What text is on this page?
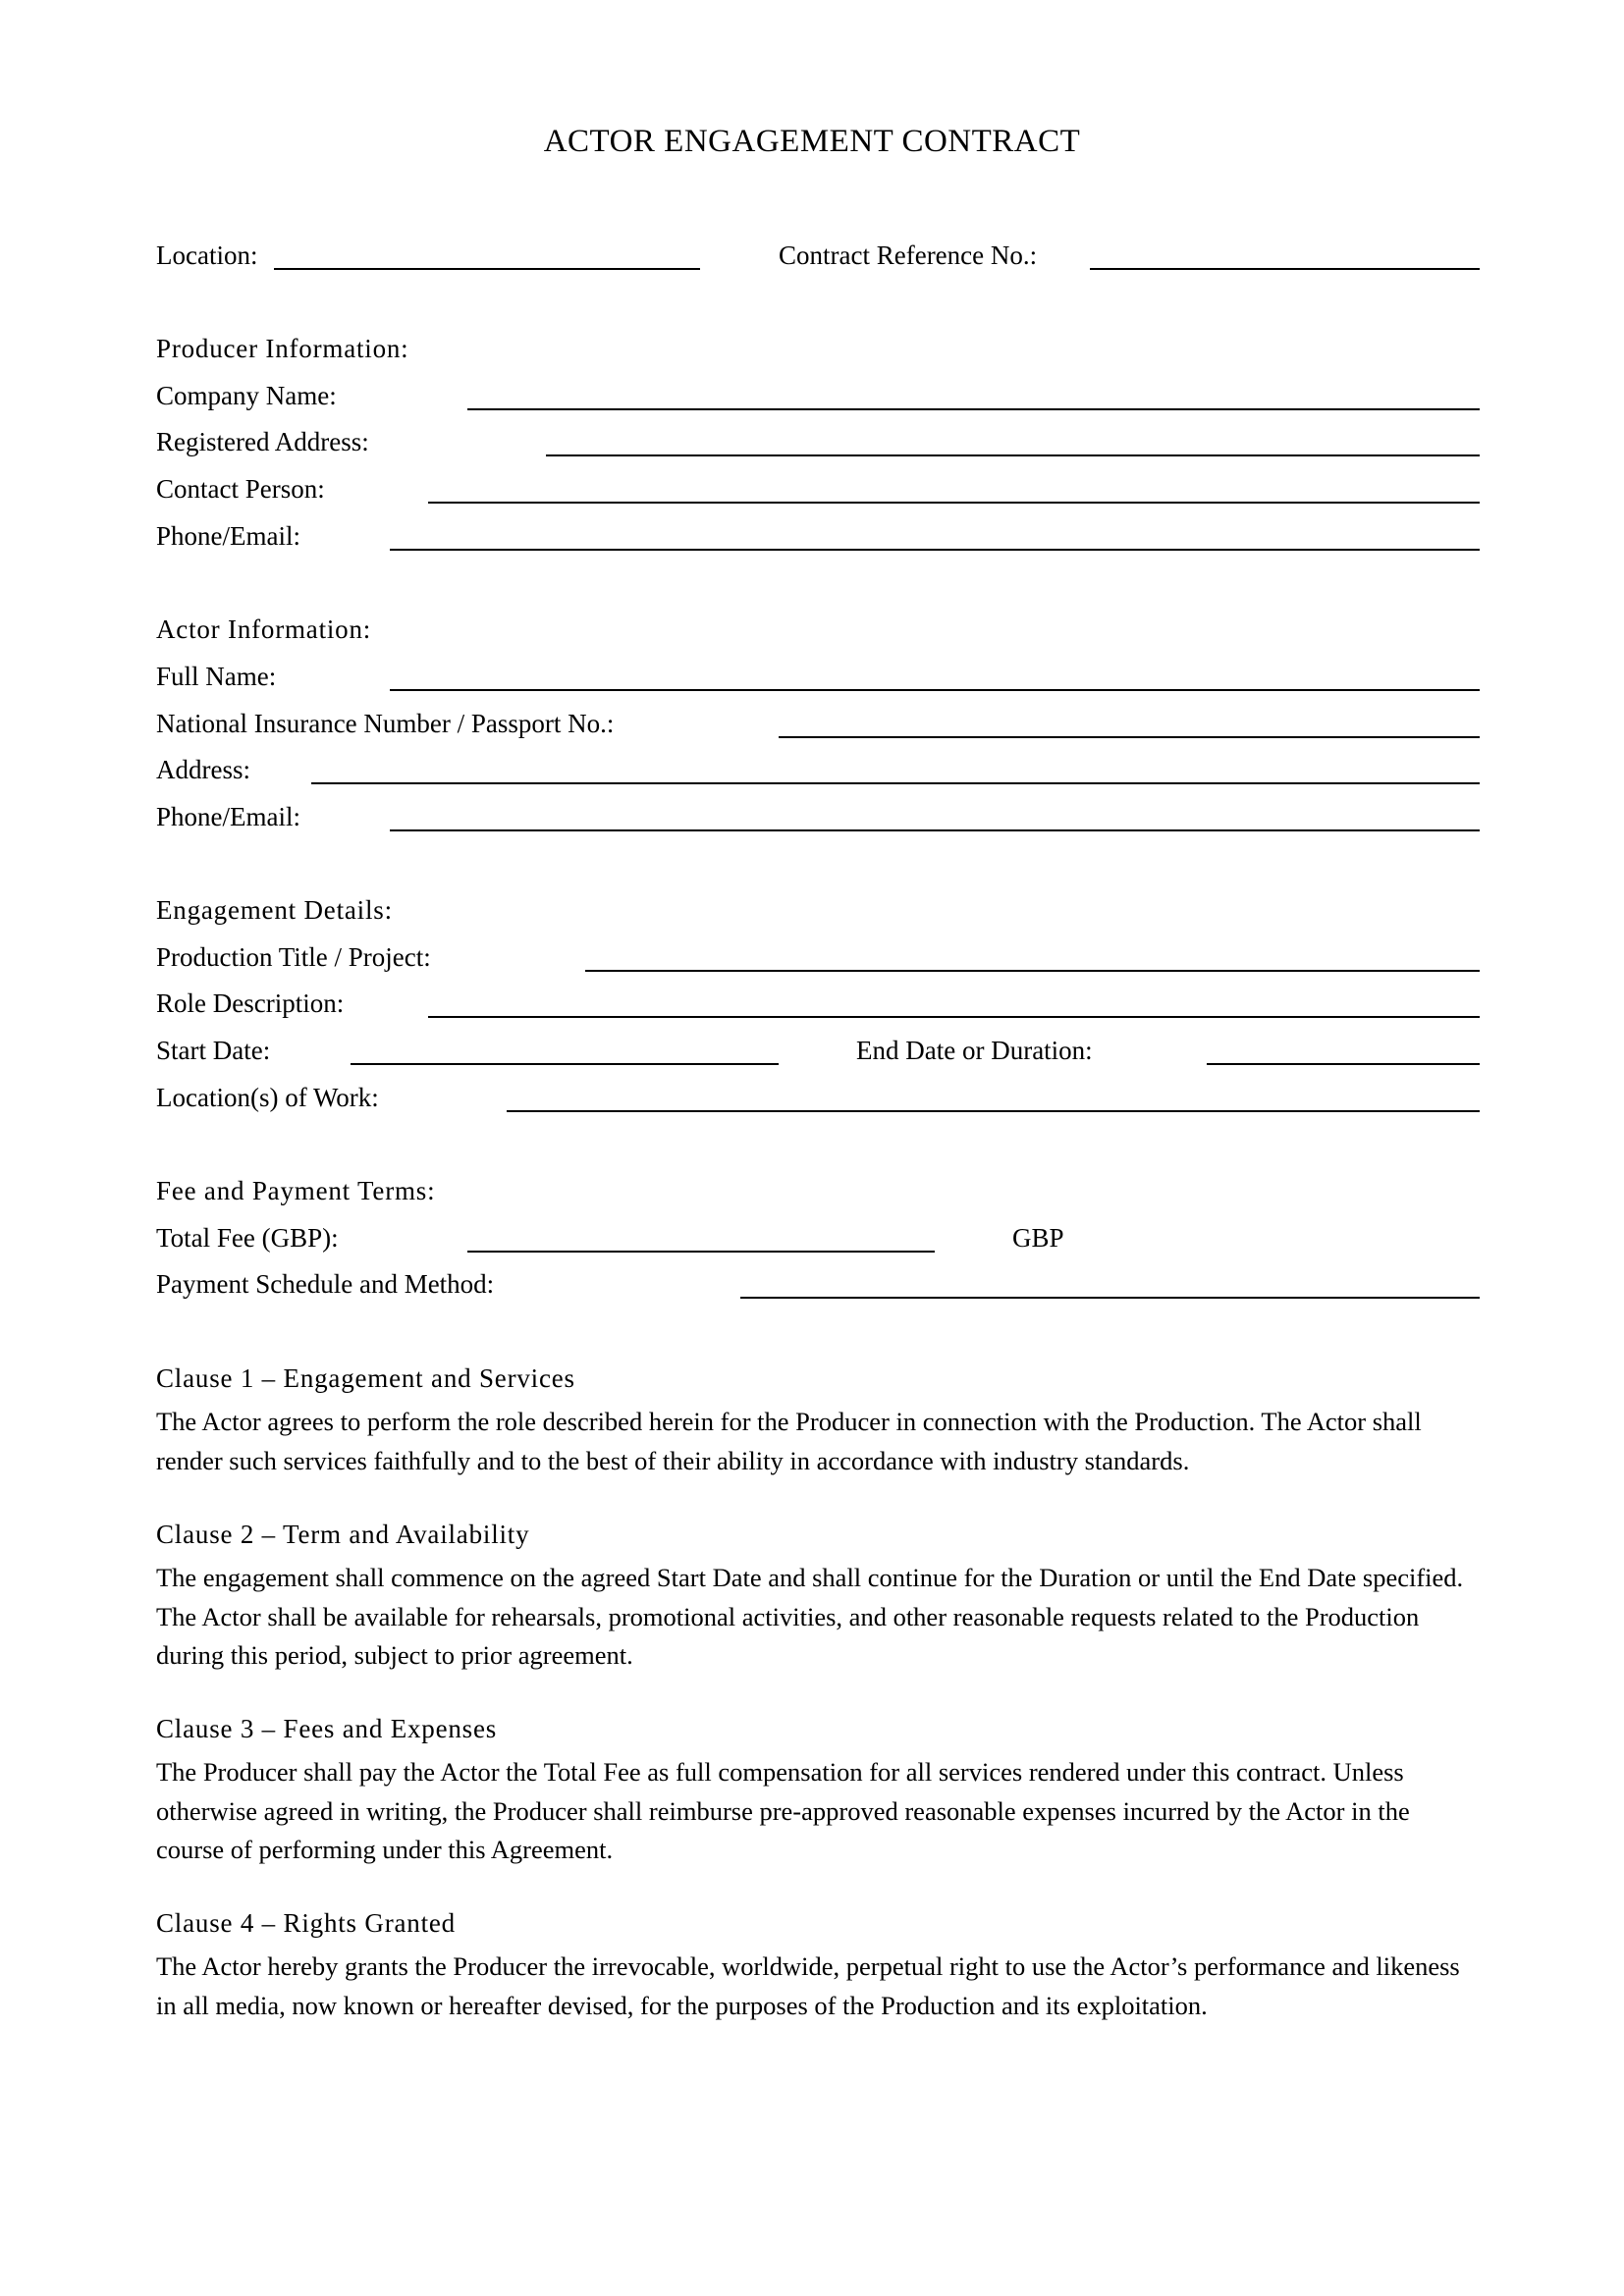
ACTOR ENGAGEMENT CONTRACT
Location:	Contract Reference No.:
Producer Information:
Company Name:
Registered Address:
Contact Person:
Phone/Email:
Actor Information:
Full Name:
National Insurance Number / Passport No.:
Address:
Phone/Email:
Engagement Details:
Production Title / Project:
Role Description:
Start Date:	End Date or Duration:
Location(s) of Work:
Fee and Payment Terms:
Total Fee (GBP):	GBP
Payment Schedule and Method:
Clause 1 – Engagement and Services
The Actor agrees to perform the role described herein for the Producer in connection with the Production. The Actor shall render such services faithfully and to the best of their ability in accordance with industry standards.
Clause 2 – Term and Availability
The engagement shall commence on the agreed Start Date and shall continue for the Duration or until the End Date specified. The Actor shall be available for rehearsals, promotional activities, and other reasonable requests related to the Production during this period, subject to prior agreement.
Clause 3 – Fees and Expenses
The Producer shall pay the Actor the Total Fee as full compensation for all services rendered under this contract. Unless otherwise agreed in writing, the Producer shall reimburse pre-approved reasonable expenses incurred by the Actor in the course of performing under this Agreement.
Clause 4 – Rights Granted
The Actor hereby grants the Producer the irrevocable, worldwide, perpetual right to use the Actor’s performance and likeness in all media, now known or hereafter devised, for the purposes of the Production and its exploitation.
